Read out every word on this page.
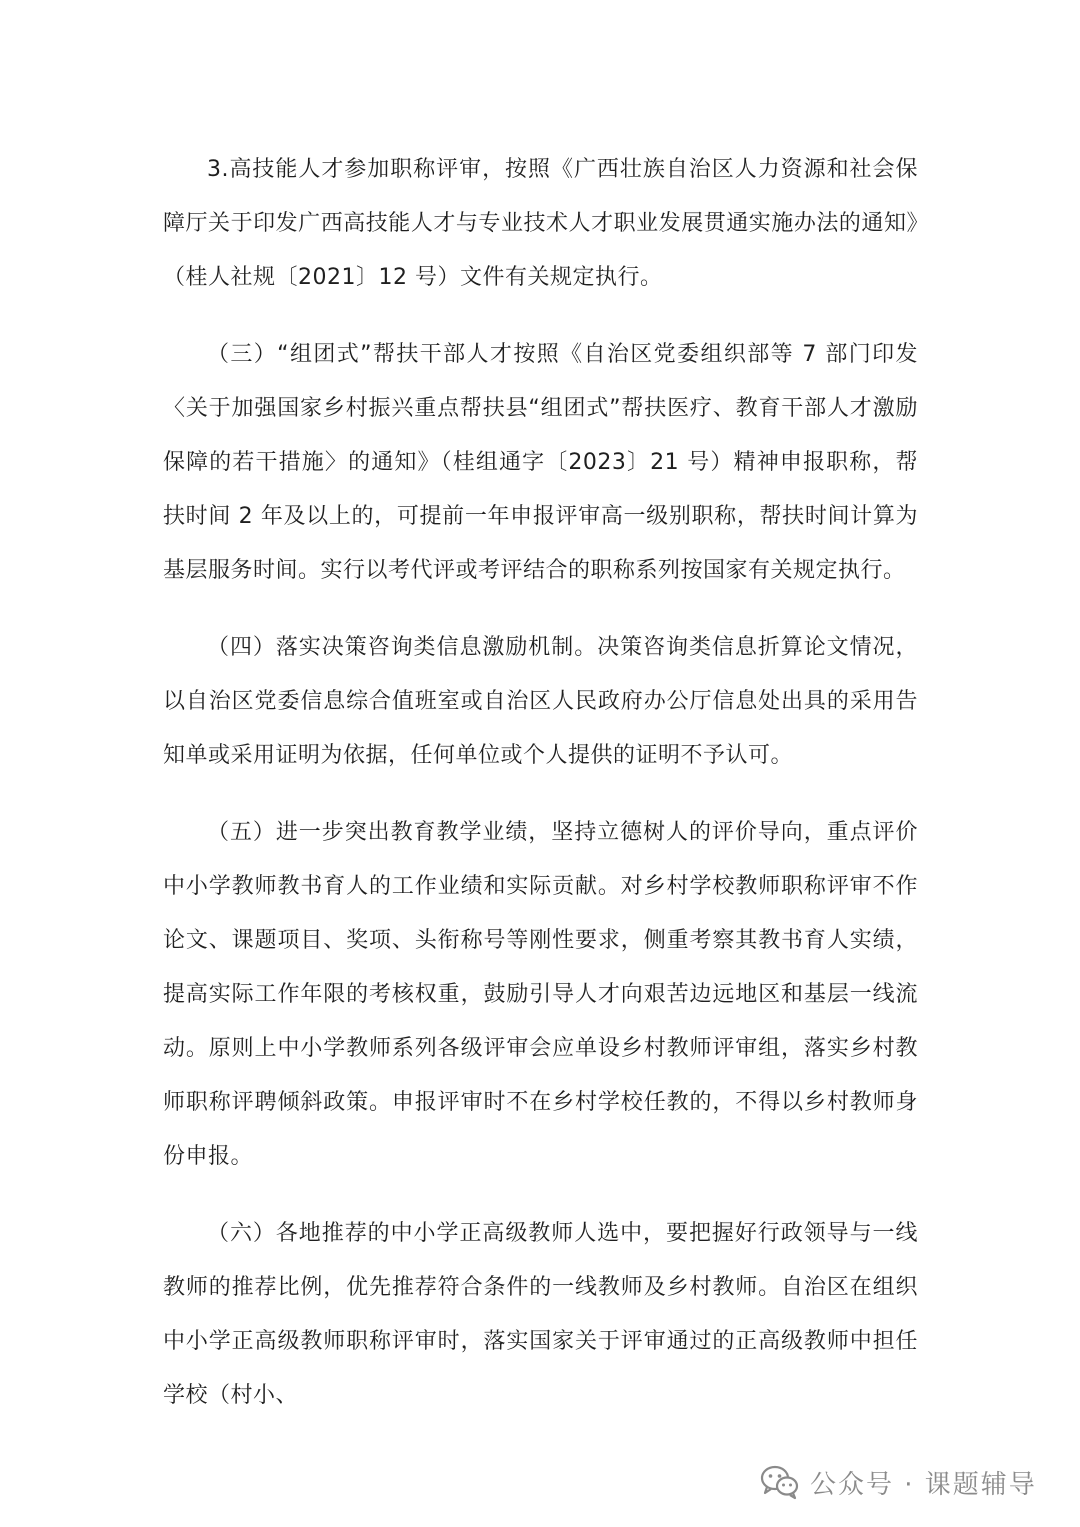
3.高技能人才参加职称评审，按照《广西壮族自治区人力资源和社会保障厅关于印发广西高技能人才与专业技术人才职业发展贯通实施办法的通知》（桂人社规〔2021〕12 号）文件有关规定执行。

（三）“组团式”帮扶干部人才按照《自治区党委组织部等 7 部门印发〈关于加强国家乡村振兴重点帮扶县“组团式”帮扶医疗、教育干部人才激励保障的若干措施〉的通知》（桂组通字〔2023〕21 号）精神申报职称，帮扶时间 2 年及以上的，可提前一年申报评审高一级别职称，帮扶时间计算为基层服务时间。实行以考代评或考评结合的职称系列按国家有关规定执行。

（四）落实决策咨询类信息激励机制。决策咨询类信息折算论文情况，以自治区党委信息综合值班室或自治区人民政府办公厅信息处出具的采用告知单或采用证明为依据，任何单位或个人提供的证明不予认可。

（五）进一步突出教育教学业绩，坚持立德树人的评价导向，重点评价中小学教师教书育人的工作业绩和实际贡献。对乡村学校教师职称评审不作论文、课题项目、奖项、头衔称号等刚性要求，侧重考察其教书育人实绩，提高实际工作年限的考核权重，鼓励引导人才向艰苦边远地区和基层一线流动。原则上中小学教师系列各级评审会应单设乡村教师评审组，落实乡村教师职称评聘倾斜政策。申报评审时不在乡村学校任教的，不得以乡村教师身份申报。

（六）各地推荐的中小学正高级教师人选中，要把握好行政领导与一线教师的推荐比例，优先推荐符合条件的一线教师及乡村教师。自治区在组织中小学正高级教师职称评审时，落实国家关于评审通过的正高级教师中担任学校（村小、

公众号 · 课题辅导
